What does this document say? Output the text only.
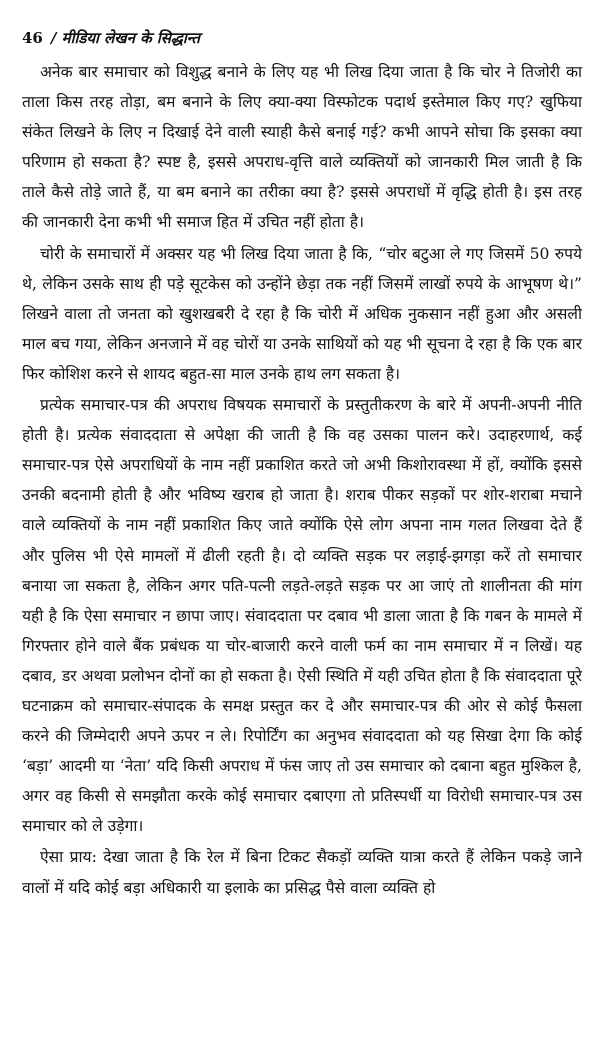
46 / मीडिया लेखन के सिद्धान्त

अनेक बार समाचार को विशुद्ध बनाने के लिए यह भी लिख दिया जाता है कि चोर ने तिजोरी का ताला किस तरह तोड़ा, बम बनाने के लिए क्या-क्या विस्फोटक पदार्थ इस्तेमाल किए गए? खुफिया संकेत लिखने के लिए न दिखाई देने वाली स्याही कैसे बनाई गई? कभी आपने सोचा कि इसका क्या परिणाम हो सकता है? स्पष्ट है, इससे अपराध-वृत्ति वाले व्यक्तियों को जानकारी मिल जाती है कि ताले कैसे तोड़े जाते हैं, या बम बनाने का तरीका क्या है? इससे अपराधों में वृद्धि होती है। इस तरह की जानकारी देना कभी भी समाज हित में उचित नहीं होता है।

चोरी के समाचारों में अक्सर यह भी लिख दिया जाता है कि, “चोर बटुआ ले गए जिसमें 50 रुपये थे, लेकिन उसके साथ ही पड़े सूटकेस को उन्होंने छेड़ा तक नहीं जिसमें लाखों रुपये के आभूषण थे।” लिखने वाला तो जनता को खुशखबरी दे रहा है कि चोरी में अधिक नुकसान नहीं हुआ और असली माल बच गया, लेकिन अनजाने में वह चोरों या उनके साथियों को यह भी सूचना दे रहा है कि एक बार फिर कोशिश करने से शायद बहुत-सा माल उनके हाथ लग सकता है।

प्रत्येक समाचार-पत्र की अपराध विषयक समाचारों के प्रस्तुतीकरण के बारे में अपनी-अपनी नीति होती है। प्रत्येक संवाददाता से अपेक्षा की जाती है कि वह उसका पालन करे। उदाहरणार्थ, कई समाचार-पत्र ऐसे अपराधियों के नाम नहीं प्रकाशित करते जो अभी किशोरावस्था में हों, क्योंकि इससे उनकी बदनामी होती है और भविष्य खराब हो जाता है। शराब पीकर सड़कों पर शोर-शराबा मचाने वाले व्यक्तियों के नाम नहीं प्रकाशित किए जाते क्योंकि ऐसे लोग अपना नाम गलत लिखवा देते हैं और पुलिस भी ऐसे मामलों में ढीली रहती है। दो व्यक्ति सड़क पर लड़ाई-झगड़ा करें तो समाचार बनाया जा सकता है, लेकिन अगर पति-पत्नी लड़ते-लड़ते सड़क पर आ जाएं तो शालीनता की मांग यही है कि ऐसा समाचार न छापा जाए। संवाददाता पर दबाव भी डाला जाता है कि गबन के मामले में गिरफ्तार होने वाले बैंक प्रबंधक या चोर-बाजारी करने वाली फर्म का नाम समाचार में न लिखें। यह दबाव, डर अथवा प्रलोभन दोनों का हो सकता है। ऐसी स्थिति में यही उचित होता है कि संवाददाता पूरे घटनाक्रम को समाचार-संपादक के समक्ष प्रस्तुत कर दे और समाचार-पत्र की ओर से कोई फैसला करने की जिम्मेदारी अपने ऊपर न ले। रिपोर्टिंग का अनुभव संवाददाता को यह सिखा देगा कि कोई ‘बड़ा’ आदमी या ‘नेता’ यदि किसी अपराध में फंस जाए तो उस समाचार को दबाना बहुत मुश्किल है, अगर वह किसी से समझौता करके कोई समाचार दबाएगा तो प्रतिस्पर्धी या विरोधी समाचार-पत्र उस समाचार को ले उड़ेगा।

ऐसा प्राय: देखा जाता है कि रेल में बिना टिकट सैकड़ों व्यक्ति यात्रा करते हैं लेकिन पकड़े जाने वालों में यदि कोई बड़ा अधिकारी या इलाके का प्रसिद्ध पैसे वाला व्यक्ति हो
